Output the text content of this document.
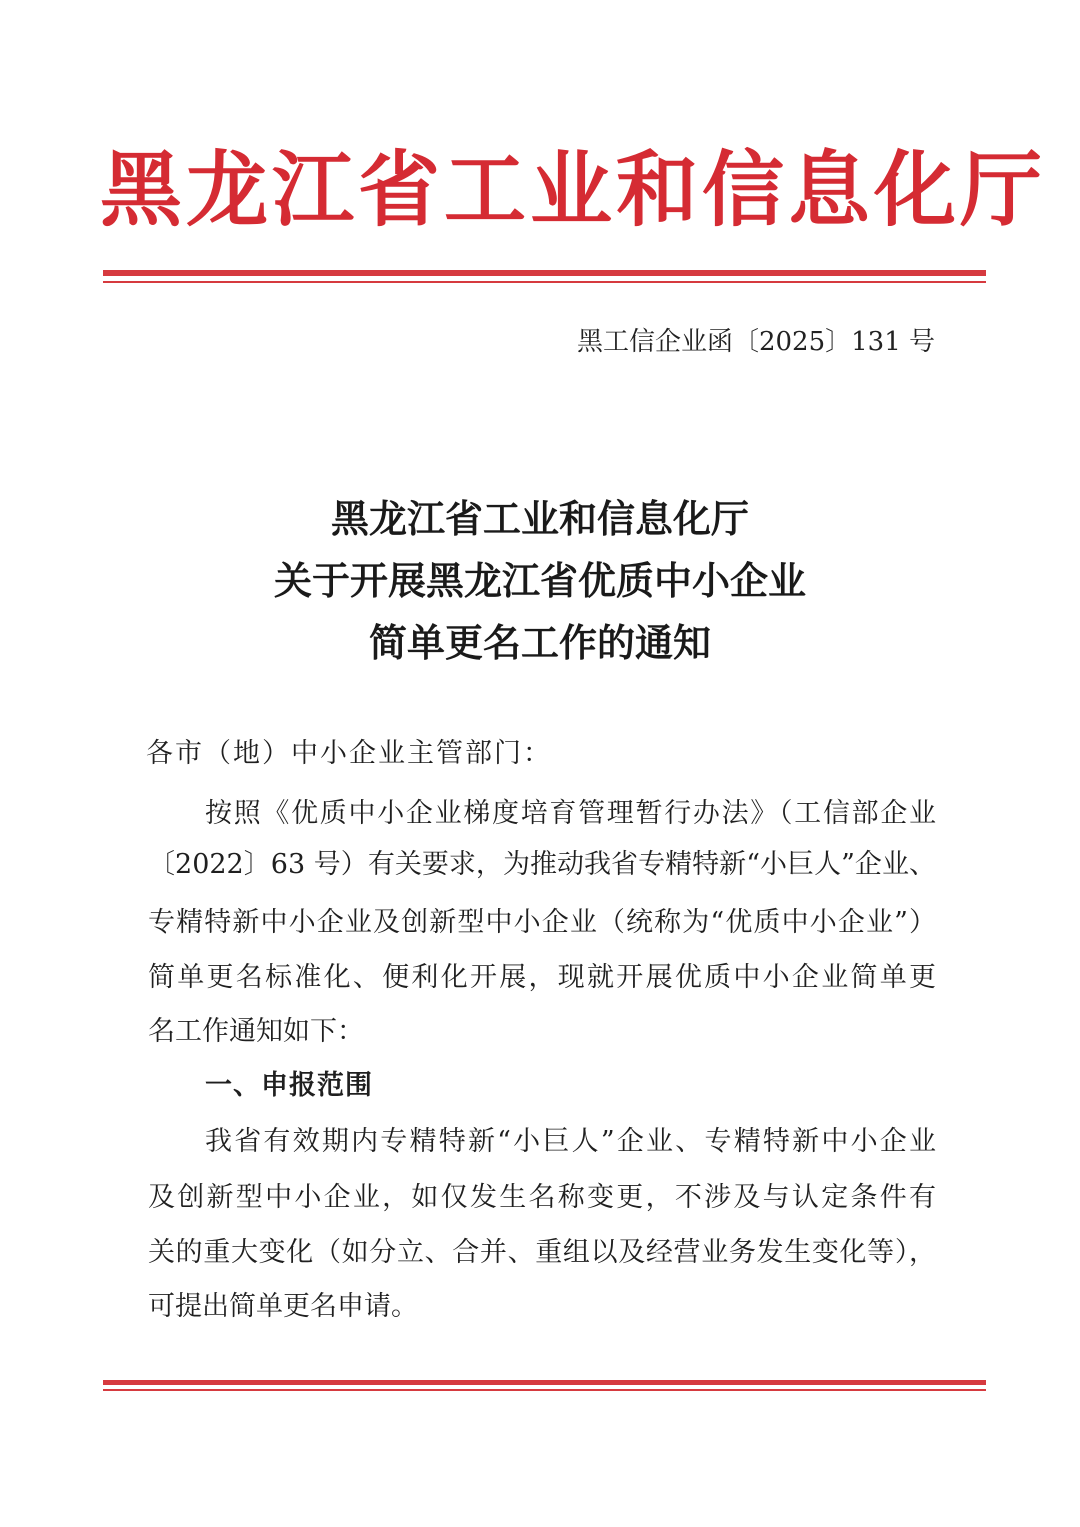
黑龙江省工业和信息化厅
黑工信企业函〔2025〕131 号
黑龙江省工业和信息化厅
关于开展黑龙江省优质中小企业
简单更名工作的通知
各市（地）中小企业主管部门：
按照《优质中小企业梯度培育管理暂行办法》（工信部企业
〔2022〕63 号）有关要求，为推动我省专精特新“小巨人”企业、
专精特新中小企业及创新型中小企业（统称为“优质中小企业”）
简单更名标准化、便利化开展，现就开展优质中小企业简单更
名工作通知如下：
一、申报范围
我省有效期内专精特新“小巨人”企业、专精特新中小企业
及创新型中小企业，如仅发生名称变更，不涉及与认定条件有
关的重大变化（如分立、合并、重组以及经营业务发生变化等），
可提出简单更名申请。
